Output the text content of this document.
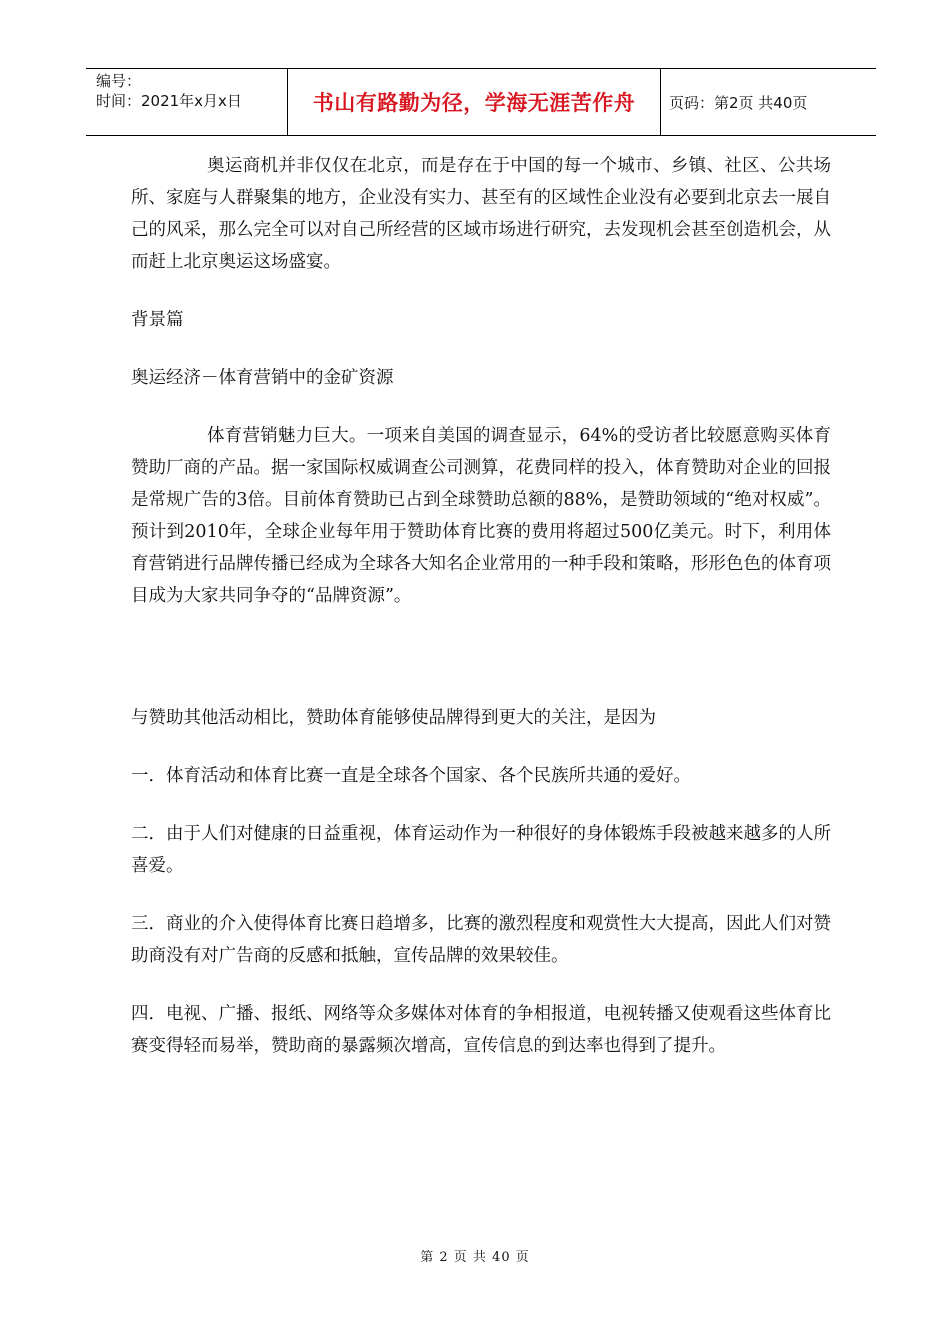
编号：
时间：2021年x月x日	书山有路勤为径，学海无涯苦作舟	页码：第2页 共40页

奥运商机并非仅仅在北京，而是存在于中国的每一个城市、乡镇、社区、公共场所、家庭与人群聚集的地方，企业没有实力、甚至有的区域性企业没有必要到北京去一展自己的风采，那么完全可以对自己所经营的区域市场进行研究，去发现机会甚至创造机会，从而赶上北京奥运这场盛宴。

背景篇

奥运经济－体育营销中的金矿资源

体育营销魅力巨大。一项来自美国的调查显示，64%的受访者比较愿意购买体育赞助厂商的产品。据一家国际权威调查公司测算，花费同样的投入，体育赞助对企业的回报是常规广告的3倍。目前体育赞助已占到全球赞助总额的88%，是赞助领域的“绝对权威”。预计到2010年，全球企业每年用于赞助体育比赛的费用将超过500亿美元。时下，利用体育营销进行品牌传播已经成为全球各大知名企业常用的一种手段和策略，形形色色的体育项目成为大家共同争夺的“品牌资源”。

与赞助其他活动相比，赞助体育能够使品牌得到更大的关注，是因为

一．体育活动和体育比赛一直是全球各个国家、各个民族所共通的爱好。

二．由于人们对健康的日益重视，体育运动作为一种很好的身体锻炼手段被越来越多的人所喜爱。

三．商业的介入使得体育比赛日趋增多，比赛的激烈程度和观赏性大大提高，因此人们对赞助商没有对广告商的反感和抵触，宣传品牌的效果较佳。

四．电视、广播、报纸、网络等众多媒体对体育的争相报道，电视转播又使观看这些体育比赛变得轻而易举，赞助商的暴露频次增高，宣传信息的到达率也得到了提升。

第 2 页 共 40 页
